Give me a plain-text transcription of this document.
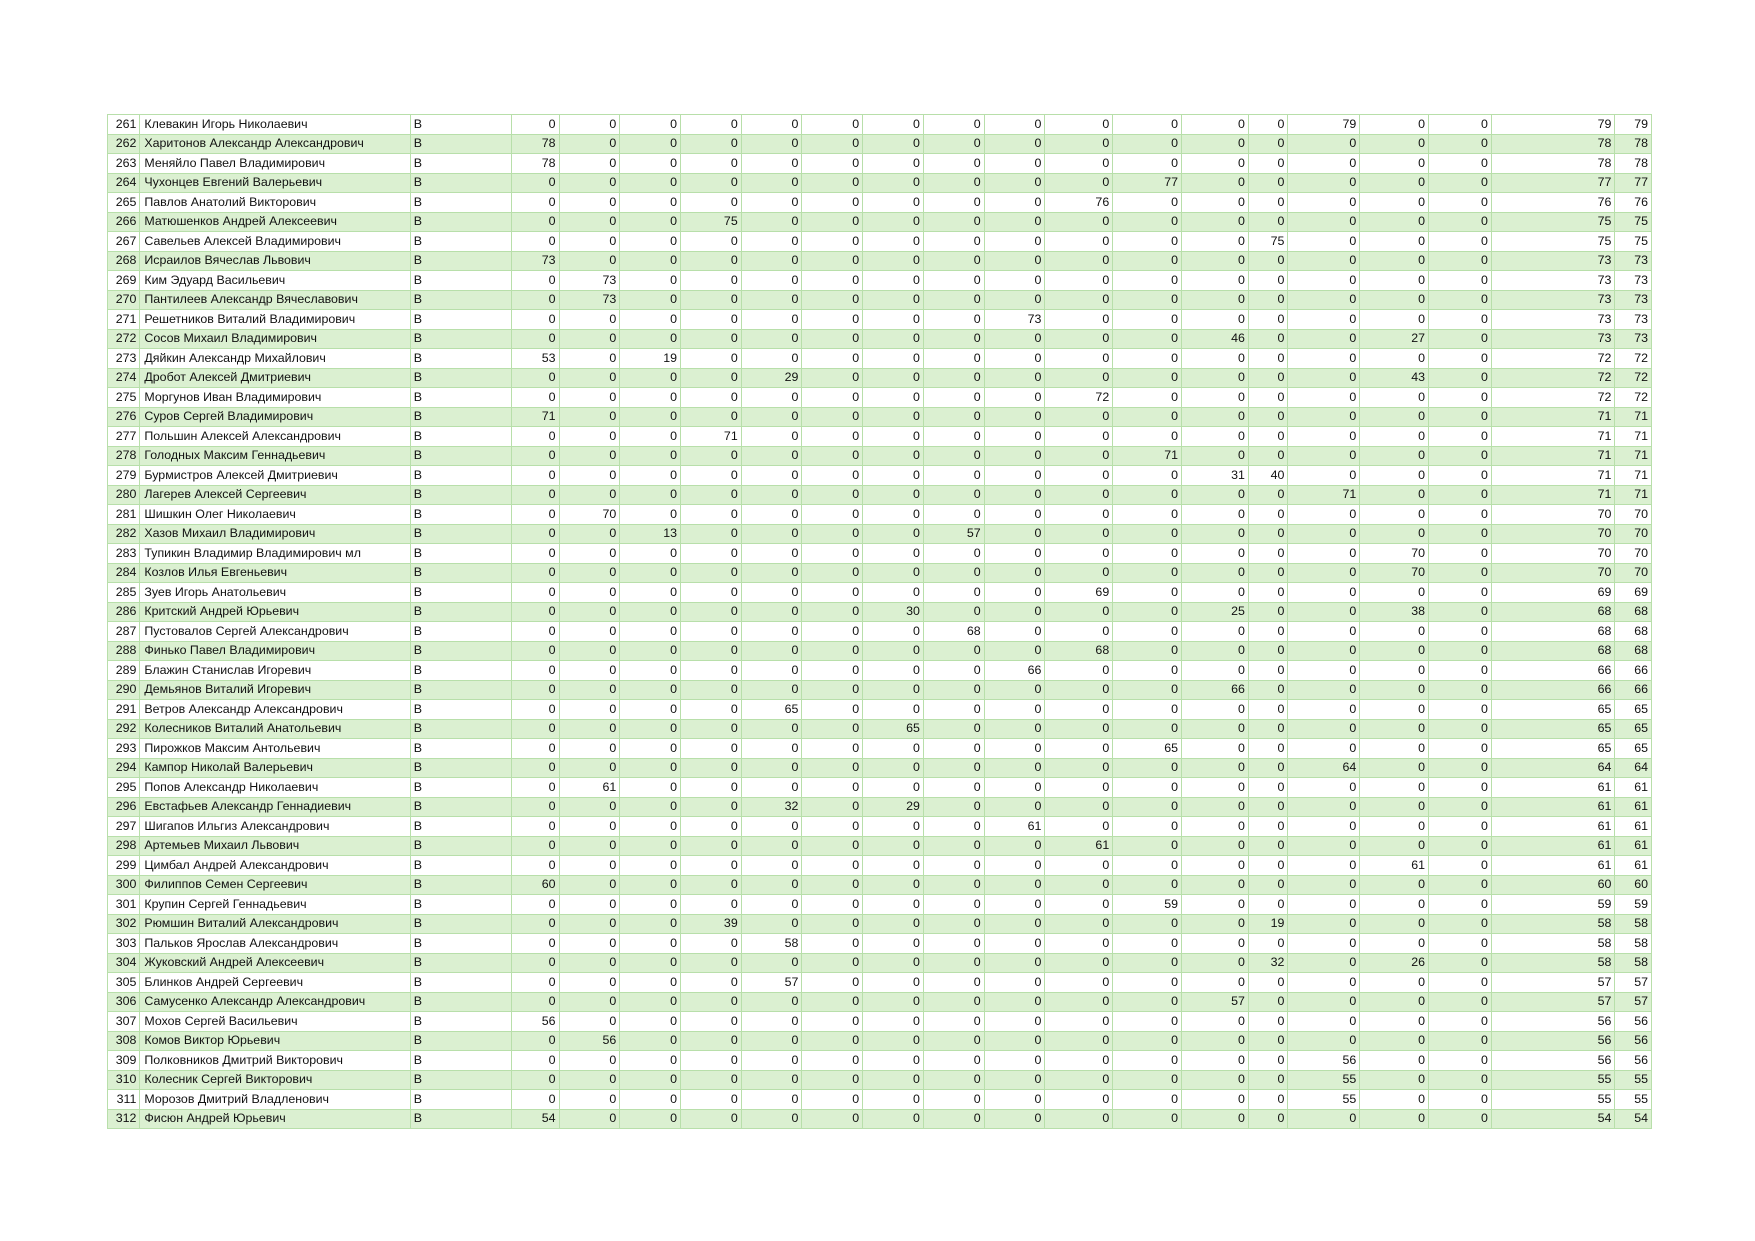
261	Клевакин Игорь Николаевич	В	0	0	0	0	0	0	0	0	0	0	0	0	0	79	0	0	79	79
262	Харитонов Александр Александрович	В	78	0	0	0	0	0	0	0	0	0	0	0	0	0	0	0	78	78
263	Меняйло Павел Владимирович	В	78	0	0	0	0	0	0	0	0	0	0	0	0	0	0	0	78	78
264	Чухонцев Евгений Валерьевич	В	0	0	0	0	0	0	0	0	0	0	77	0	0	0	0	0	77	77
265	Павлов Анатолий Викторович	В	0	0	0	0	0	0	0	0	0	76	0	0	0	0	0	0	76	76
266	Матюшенков Андрей Алексеевич	В	0	0	0	75	0	0	0	0	0	0	0	0	0	0	0	0	75	75
267	Савельев Алексей Владимирович	В	0	0	0	0	0	0	0	0	0	0	0	0	75	0	0	0	75	75
268	Исраилов Вячеслав Львович	В	73	0	0	0	0	0	0	0	0	0	0	0	0	0	0	0	73	73
269	Ким Эдуард Васильевич	В	0	73	0	0	0	0	0	0	0	0	0	0	0	0	0	0	73	73
270	Пантилеев Александр Вячеславович	В	0	73	0	0	0	0	0	0	0	0	0	0	0	0	0	0	73	73
271	Решетников Виталий Владимирович	В	0	0	0	0	0	0	0	0	73	0	0	0	0	0	0	0	73	73
272	Сосов Михаил Владимирович	В	0	0	0	0	0	0	0	0	0	0	0	46	0	0	27	0	73	73
273	Дяйкин Александр Михайлович	В	53	0	19	0	0	0	0	0	0	0	0	0	0	0	0	0	72	72
274	Дробот Алексей Дмитриевич	В	0	0	0	0	29	0	0	0	0	0	0	0	0	0	43	0	72	72
275	Моргунов Иван Владимирович	В	0	0	0	0	0	0	0	0	0	72	0	0	0	0	0	0	72	72
276	Суров Сергей Владимирович	В	71	0	0	0	0	0	0	0	0	0	0	0	0	0	0	0	71	71
277	Польшин Алексей Александрович	В	0	0	0	71	0	0	0	0	0	0	0	0	0	0	0	0	71	71
278	Голодных Максим Геннадьевич	В	0	0	0	0	0	0	0	0	0	0	71	0	0	0	0	0	71	71
279	Бурмистров Алексей Дмитриевич	В	0	0	0	0	0	0	0	0	0	0	0	31	40	0	0	0	71	71
280	Лагерев Алексей Сергеевич	В	0	0	0	0	0	0	0	0	0	0	0	0	0	71	0	0	71	71
281	Шишкин Олег Николаевич	В	0	70	0	0	0	0	0	0	0	0	0	0	0	0	0	0	70	70
282	Хазов Михаил Владимирович	В	0	0	13	0	0	0	0	57	0	0	0	0	0	0	0	0	70	70
283	Тупикин Владимир Владимирович мл	В	0	0	0	0	0	0	0	0	0	0	0	0	0	0	70	0	70	70
284	Козлов Илья Евгеньевич	В	0	0	0	0	0	0	0	0	0	0	0	0	0	0	70	0	70	70
285	Зуев Игорь Анатольевич	В	0	0	0	0	0	0	0	0	0	69	0	0	0	0	0	0	69	69
286	Критский Андрей Юрьевич	В	0	0	0	0	0	0	30	0	0	0	0	25	0	0	38	0	68	68
287	Пустовалов Сергей Александрович	В	0	0	0	0	0	0	0	68	0	0	0	0	0	0	0	0	68	68
288	Финько Павел Владимирович	В	0	0	0	0	0	0	0	0	0	68	0	0	0	0	0	0	68	68
289	Блажин Станислав Игоревич	В	0	0	0	0	0	0	0	0	66	0	0	0	0	0	0	0	66	66
290	Демьянов Виталий Игоревич	В	0	0	0	0	0	0	0	0	0	0	0	66	0	0	0	0	66	66
291	Ветров Александр Александрович	В	0	0	0	0	65	0	0	0	0	0	0	0	0	0	0	0	65	65
292	Колесников Виталий Анатольевич	В	0	0	0	0	0	0	65	0	0	0	0	0	0	0	0	0	65	65
293	Пирожков Максим Антольевич	В	0	0	0	0	0	0	0	0	0	0	65	0	0	0	0	0	65	65
294	Кампор Николай Валерьевич	В	0	0	0	0	0	0	0	0	0	0	0	0	0	64	0	0	64	64
295	Попов Александр Николаевич	В	0	61	0	0	0	0	0	0	0	0	0	0	0	0	0	0	61	61
296	Евстафьев Александр Геннадиевич	В	0	0	0	0	32	0	29	0	0	0	0	0	0	0	0	0	61	61
297	Шигапов Ильгиз Александрович	В	0	0	0	0	0	0	0	0	61	0	0	0	0	0	0	0	61	61
298	Артемьев Михаил Львович	В	0	0	0	0	0	0	0	0	0	61	0	0	0	0	0	0	61	61
299	Цимбал Андрей Александрович	В	0	0	0	0	0	0	0	0	0	0	0	0	0	0	61	0	61	61
300	Филиппов Семен Сергеевич	В	60	0	0	0	0	0	0	0	0	0	0	0	0	0	0	0	60	60
301	Крупин Сергей Геннадьевич	В	0	0	0	0	0	0	0	0	0	0	59	0	0	0	0	0	59	59
302	Рюмшин Виталий Александрович	В	0	0	0	39	0	0	0	0	0	0	0	0	19	0	0	0	58	58
303	Пальков Ярослав Александрович	В	0	0	0	0	58	0	0	0	0	0	0	0	0	0	0	0	58	58
304	Жуковский Андрей Алексеевич	В	0	0	0	0	0	0	0	0	0	0	0	0	32	0	26	0	58	58
305	Блинков Андрей Сергеевич	В	0	0	0	0	57	0	0	0	0	0	0	0	0	0	0	0	57	57
306	Самусенко Александр Александрович	В	0	0	0	0	0	0	0	0	0	0	0	57	0	0	0	0	57	57
307	Мохов Сергей Васильевич	В	56	0	0	0	0	0	0	0	0	0	0	0	0	0	0	0	56	56
308	Комов Виктор Юрьевич	В	0	56	0	0	0	0	0	0	0	0	0	0	0	0	0	0	56	56
309	Полковников Дмитрий Викторович	В	0	0	0	0	0	0	0	0	0	0	0	0	0	56	0	0	56	56
310	Колесник Сергей Викторович	В	0	0	0	0	0	0	0	0	0	0	0	0	0	55	0	0	55	55
311	Морозов Дмитрий Владленович	В	0	0	0	0	0	0	0	0	0	0	0	0	0	55	0	0	55	55
312	Фисюн Андрей Юрьевич	В	54	0	0	0	0	0	0	0	0	0	0	0	0	0	0	0	54	54
